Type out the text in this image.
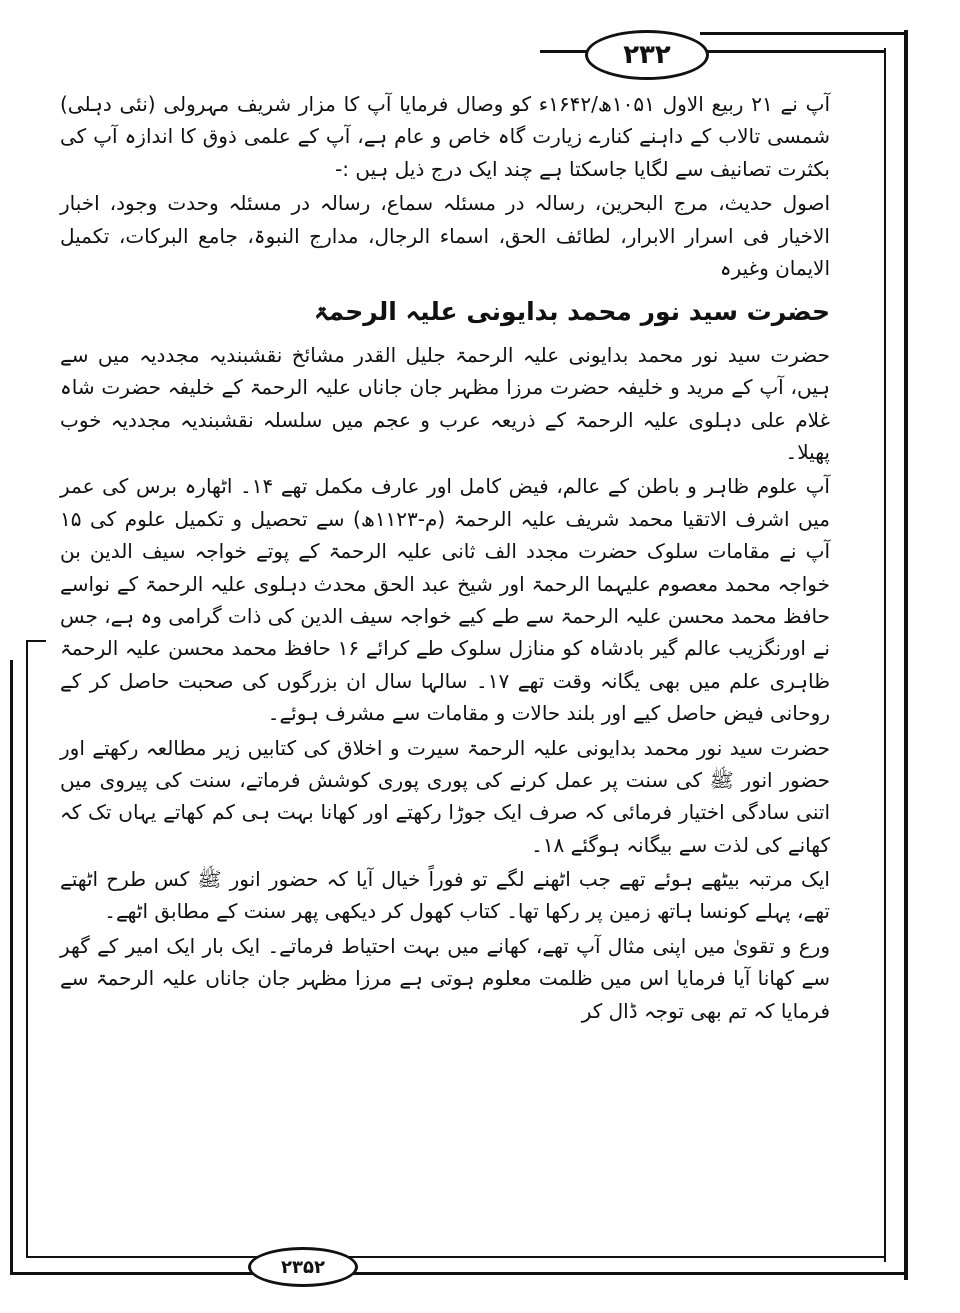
۲۳۲
۲۳۵۲

آپ نے ۲۱ ربیع الاول ۱۰۵۱ھ/۱۶۴۲ء کو وصال فرمایا آپ کا مزار شریف مہرولی (نئی دہلی) شمسی تالاب کے داہنے کنارے زیارت گاہ خاص و عام ہے، آپ کے علمی ذوق کا اندازہ آپ کی بکثرت تصانیف سے لگایا جاسکتا ہے چند ایک درج ذیل ہیں :-

اصول حدیث، مرج البحرین، رسالہ در مسئلہ سماع، رسالہ در مسئلہ وحدت وجود، اخبار الاخیار فی اسرار الابرار، لطائف الحق، اسماء الرجال، مدارج النبوۃ، جامع البرکات، تکمیل الایمان وغیرہ

حضرت سید نور محمد بدایونی علیہ الرحمۃ

حضرت سید نور محمد بدایونی علیہ الرحمۃ جلیل القدر مشائخ نقشبندیہ مجددیہ میں سے ہیں، آپ کے مرید و خلیفہ حضرت مرزا مظہر جان جاناں علیہ الرحمۃ کے خلیفہ حضرت شاہ غلام علی دہلوی علیہ الرحمۃ کے ذریعہ عرب و عجم میں سلسلہ نقشبندیہ مجددیہ خوب پھیلا۔

آپ علوم ظاہر و باطن کے عالم، فیض کامل اور عارف مکمل تھے ۱۴۔ اٹھارہ برس کی عمر میں اشرف الاتقیا محمد شریف علیہ الرحمۃ (م-۱۱۲۳ھ) سے تحصیل و تکمیل علوم کی ۱۵ آپ نے مقامات سلوک حضرت مجدد الف ثانی علیہ الرحمۃ کے پوتے خواجہ سیف الدین بن خواجہ محمد معصوم علیہما الرحمۃ اور شیخ عبد الحق محدث دہلوی علیہ الرحمۃ کے نواسے حافظ محمد محسن علیہ الرحمۃ سے طے کیے خواجہ سیف الدین کی ذات گرامی وہ ہے، جس نے اورنگزیب عالم گیر بادشاہ کو منازل سلوک طے کرائے ۱۶ حافظ محمد محسن علیہ الرحمۃ ظاہری علم میں بھی یگانہ وقت تھے ۱۷۔ سالہا سال ان بزرگوں کی صحبت حاصل کر کے روحانی فیض حاصل کیے اور بلند حالات و مقامات سے مشرف ہوئے۔

حضرت سید نور محمد بدایونی علیہ الرحمۃ سیرت و اخلاق کی کتابیں زیر مطالعہ رکھتے اور حضور انور ﷺ کی سنت پر عمل کرنے کی پوری پوری کوشش فرماتے، سنت کی پیروی میں اتنی سادگی اختیار فرمائی کہ صرف ایک جوڑا رکھتے اور کھانا بہت ہی کم کھاتے یہاں تک کہ کھانے کی لذت سے بیگانہ ہوگئے ۱۸۔

ایک مرتبہ بیٹھے ہوئے تھے جب اٹھنے لگے تو فوراً خیال آیا کہ حضور انور ﷺ کس طرح اٹھتے تھے، پہلے کونسا ہاتھ زمین پر رکھا تھا۔ کتاب کھول کر دیکھی پھر سنت کے مطابق اٹھے۔

ورع و تقویٰ میں اپنی مثال آپ تھے، کھانے میں بہت احتیاط فرماتے۔ ایک بار ایک امیر کے گھر سے کھانا آیا فرمایا اس میں ظلمت معلوم ہوتی ہے مرزا مظہر جان جاناں علیہ الرحمۃ سے فرمایا کہ تم بھی توجہ ڈال کر
